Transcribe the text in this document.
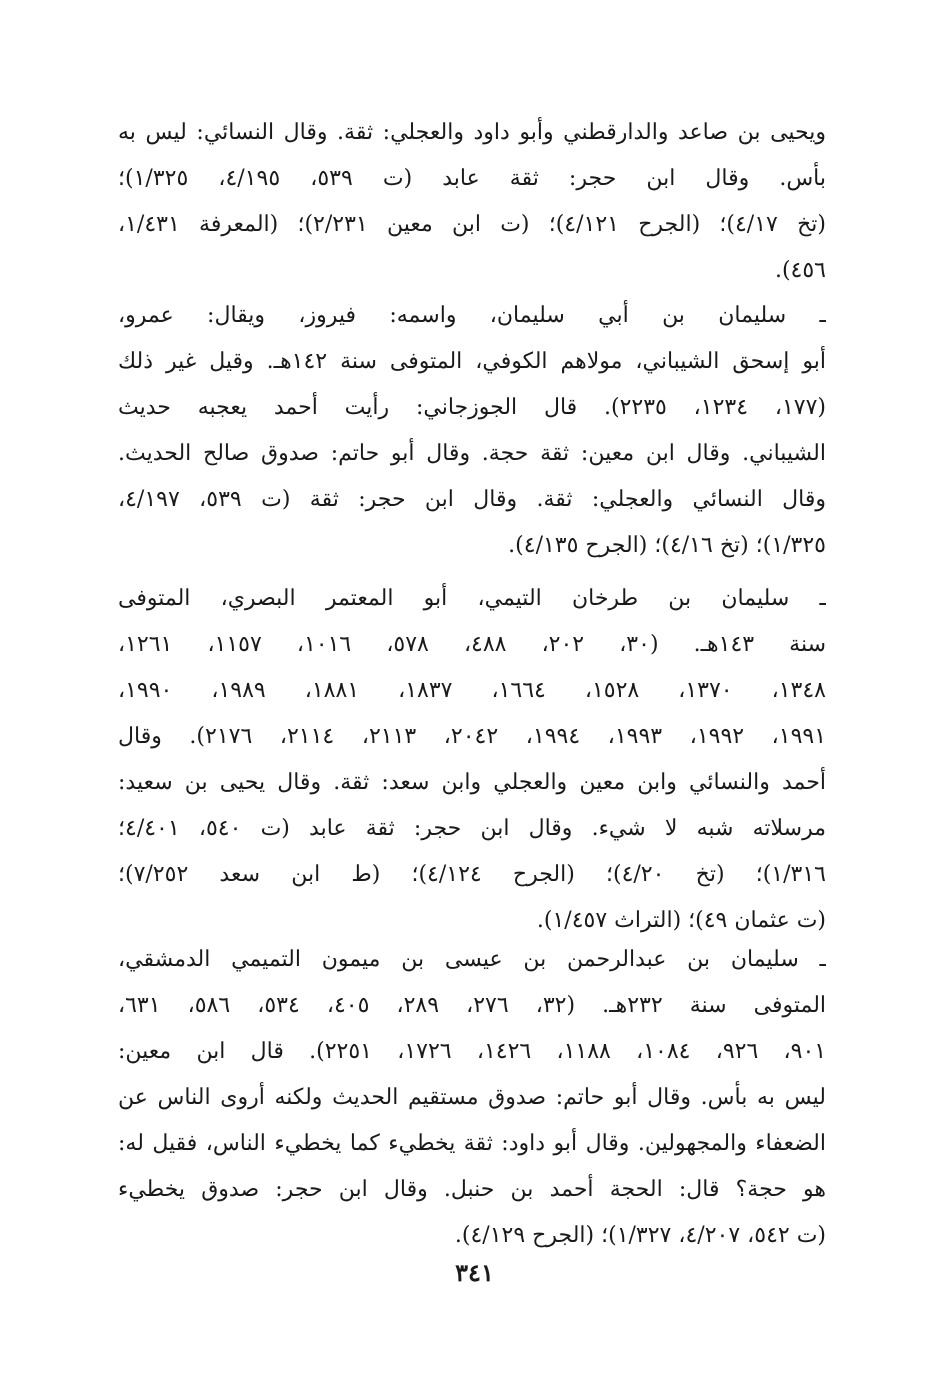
ويحيى بن صاعد والدارقطني وأبو داود والعجلي: ثقة. وقال النسائي: ليس به
بأس. وقال ابن حجر: ثقة عابد (ت ٥٣٩، ٤/١٩٥، ١/٣٢٥)؛
(تخ ٤/١٧)؛ (الجرح ٤/١٢١)؛ (ت ابن معين ٢/٢٣١)؛ (المعرفة ١/٤٣١،
٤٥٦).
ـ سليمان بن أبي سليمان، واسمه: فيروز، ويقال: عمرو،
أبو إسحق الشيباني، مولاهم الكوفي، المتوفى سنة ١٤٢هـ. وقيل غير ذلك
(١٧٧، ١٢٣٤، ٢٢٣٥). قال الجوزجاني: رأيت أحمد يعجبه حديث
الشيباني. وقال ابن معين: ثقة حجة. وقال أبو حاتم: صدوق صالح الحديث.
وقال النسائي والعجلي: ثقة. وقال ابن حجر: ثقة (ت ٥٣٩، ٤/١٩٧،
١/٣٢٥)؛ (تخ ٤/١٦)؛ (الجرح ٤/١٣٥).
ـ سليمان بن طرخان التيمي، أبو المعتمر البصري، المتوفى
سنة ١٤٣هـ. (٣٠، ٢٠٢، ٤٨٨، ٥٧٨، ١٠١٦، ١١٥٧، ١٢٦١،
١٣٤٨، ١٣٧٠، ١٥٢٨، ١٦٦٤، ١٨٣٧، ١٨٨١، ١٩٨٩، ١٩٩٠،
١٩٩١، ١٩٩٢، ١٩٩٣، ١٩٩٤، ٢٠٤٢، ٢١١٣، ٢١١٤، ٢١٧٦). وقال
أحمد والنسائي وابن معين والعجلي وابن سعد: ثقة. وقال يحيى بن سعيد:
مرسلاته شبه لا شيء. وقال ابن حجر: ثقة عابد (ت ٥٤٠، ٤/٤٠١؛
١/٣١٦)؛ (تخ ٤/٢٠)؛ (الجرح ٤/١٢٤)؛ (ط ابن سعد ٧/٢٥٢)؛
(ت عثمان ٤٩)؛ (التراث ١/٤٥٧).
ـ سليمان بن عبدالرحمن بن عيسى بن ميمون التميمي الدمشقي،
المتوفى سنة ٢٣٢هـ. (٣٢، ٢٧٦، ٢٨٩، ٤٠٥، ٥٣٤، ٥٨٦، ٦٣١،
٩٠١، ٩٢٦، ١٠٨٤، ١١٨٨، ١٤٢٦، ١٧٢٦، ٢٢٥١). قال ابن معين:
ليس به بأس. وقال أبو حاتم: صدوق مستقيم الحديث ولكنه أروى الناس عن
الضعفاء والمجهولين. وقال أبو داود: ثقة يخطيء كما يخطيء الناس، فقيل له:
هو حجة؟ قال: الحجة أحمد بن حنبل. وقال ابن حجر: صدوق يخطيء
(ت ٥٤٢، ٤/٢٠٧، ١/٣٢٧)؛ (الجرح ٤/١٢٩).
٣٤١
